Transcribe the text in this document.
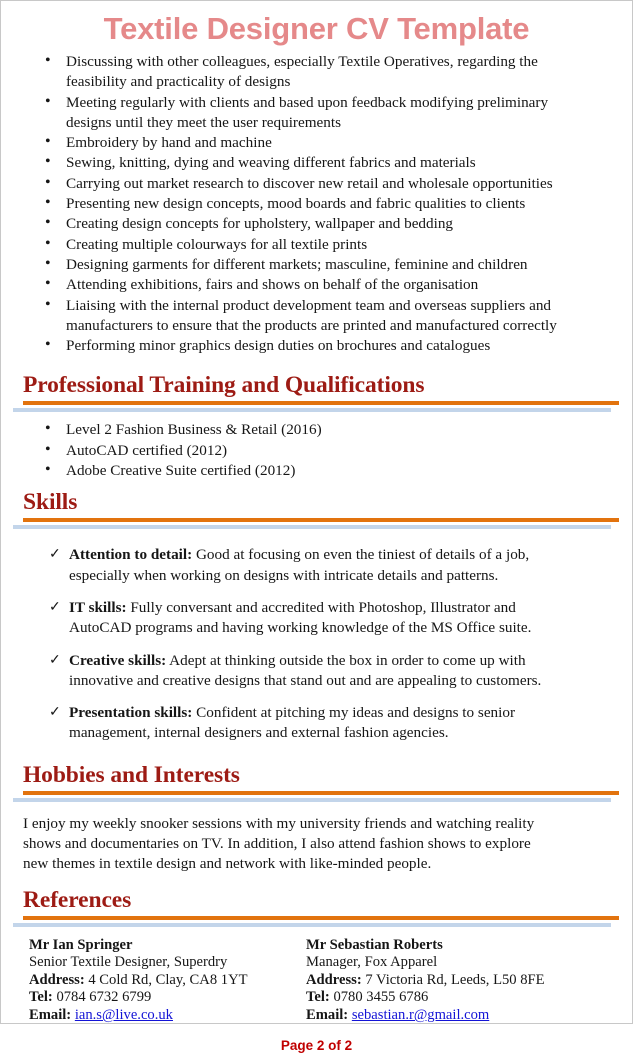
Textile Designer CV Template
• Discussing with other colleagues, especially Textile Operatives, regarding the feasibility and practicality of designs
• Meeting regularly with clients and based upon feedback modifying preliminary designs until they meet the user requirements
• Embroidery by hand and machine
• Sewing, knitting, dying and weaving different fabrics and materials
• Carrying out market research to discover new retail and wholesale opportunities
• Presenting new design concepts, mood boards and fabric qualities to clients
• Creating design concepts for upholstery, wallpaper and bedding
• Creating multiple colourways for all textile prints
• Designing garments for different markets; masculine, feminine and children
• Attending exhibitions, fairs and shows on behalf of the organisation
• Liaising with the internal product development team and overseas suppliers and manufacturers to ensure that the products are printed and manufactured correctly
• Performing minor graphics design duties on brochures and catalogues
Professional Training and Qualifications
• Level 2 Fashion Business & Retail (2016)
• AutoCAD certified (2012)
• Adobe Creative Suite certified (2012)
Skills
✓ Attention to detail: Good at focusing on even the tiniest of details of a job, especially when working on designs with intricate details and patterns.
✓ IT skills: Fully conversant and accredited with Photoshop, Illustrator and AutoCAD programs and having working knowledge of the MS Office suite.
✓ Creative skills: Adept at thinking outside the box in order to come up with innovative and creative designs that stand out and are appealing to customers.
✓ Presentation skills: Confident at pitching my ideas and designs to senior management, internal designers and external fashion agencies.
Hobbies and Interests

I enjoy my weekly snooker sessions with my university friends and watching reality shows and documentaries on TV. In addition, I also attend fashion shows to explore new themes in textile design and network with like-minded people.

References
Mr Ian Springer
Senior Textile Designer, Superdry
Address: 4 Cold Rd, Clay, CA8 1YT
Tel: 0784 6732 6799
Email: ian.s@live.co.uk
Mr Sebastian Roberts
Manager, Fox Apparel
Address: 7 Victoria Rd, Leeds, L50 8FE
Tel: 0780 3455 6786
Email: sebastian.r@gmail.com
Page 2 of 2
